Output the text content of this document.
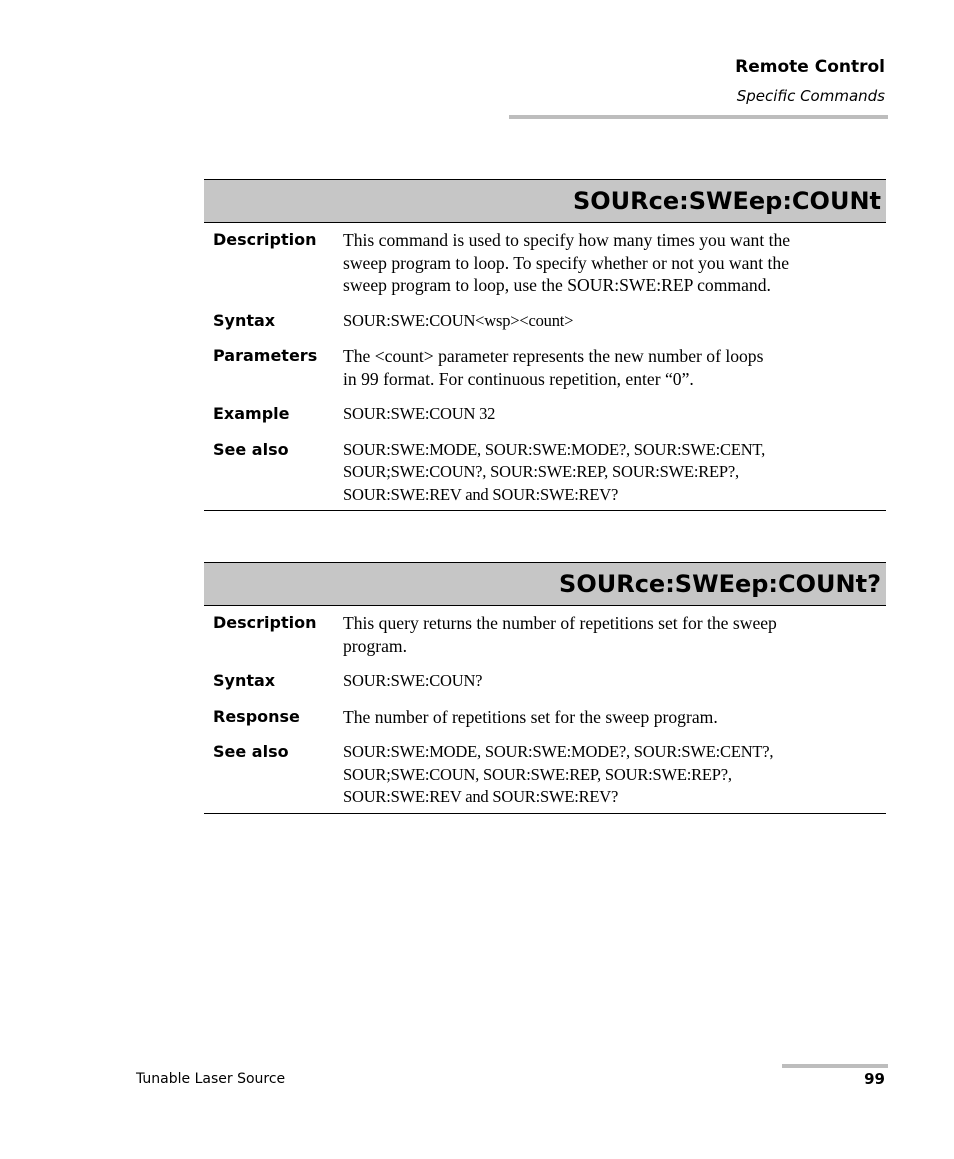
Remote Control
Specific Commands
SOURce:SWEep:COUNt
Description	This command is used to specify how many times you want the
sweep program to loop. To specify whether or not you want the
sweep program to loop, use the SOUR:SWE:REP command.
Syntax	SOUR:SWE:COUN<wsp><count>
Parameters	The <count> parameter represents the new number of loops
in 99 format. For continuous repetition, enter “0”.
Example	SOUR:SWE:COUN 32
See also	SOUR:SWE:MODE, SOUR:SWE:MODE?, SOUR:SWE:CENT,
SOUR;SWE:COUN?, SOUR:SWE:REP, SOUR:SWE:REP?,
SOUR:SWE:REV and SOUR:SWE:REV?
SOURce:SWEep:COUNt?
Description	This query returns the number of repetitions set for the sweep
program.
Syntax	SOUR:SWE:COUN?
Response	The number of repetitions set for the sweep program.
See also	SOUR:SWE:MODE, SOUR:SWE:MODE?, SOUR:SWE:CENT?,
SOUR;SWE:COUN, SOUR:SWE:REP, SOUR:SWE:REP?,
SOUR:SWE:REV and SOUR:SWE:REV?
Tunable Laser Source	99
